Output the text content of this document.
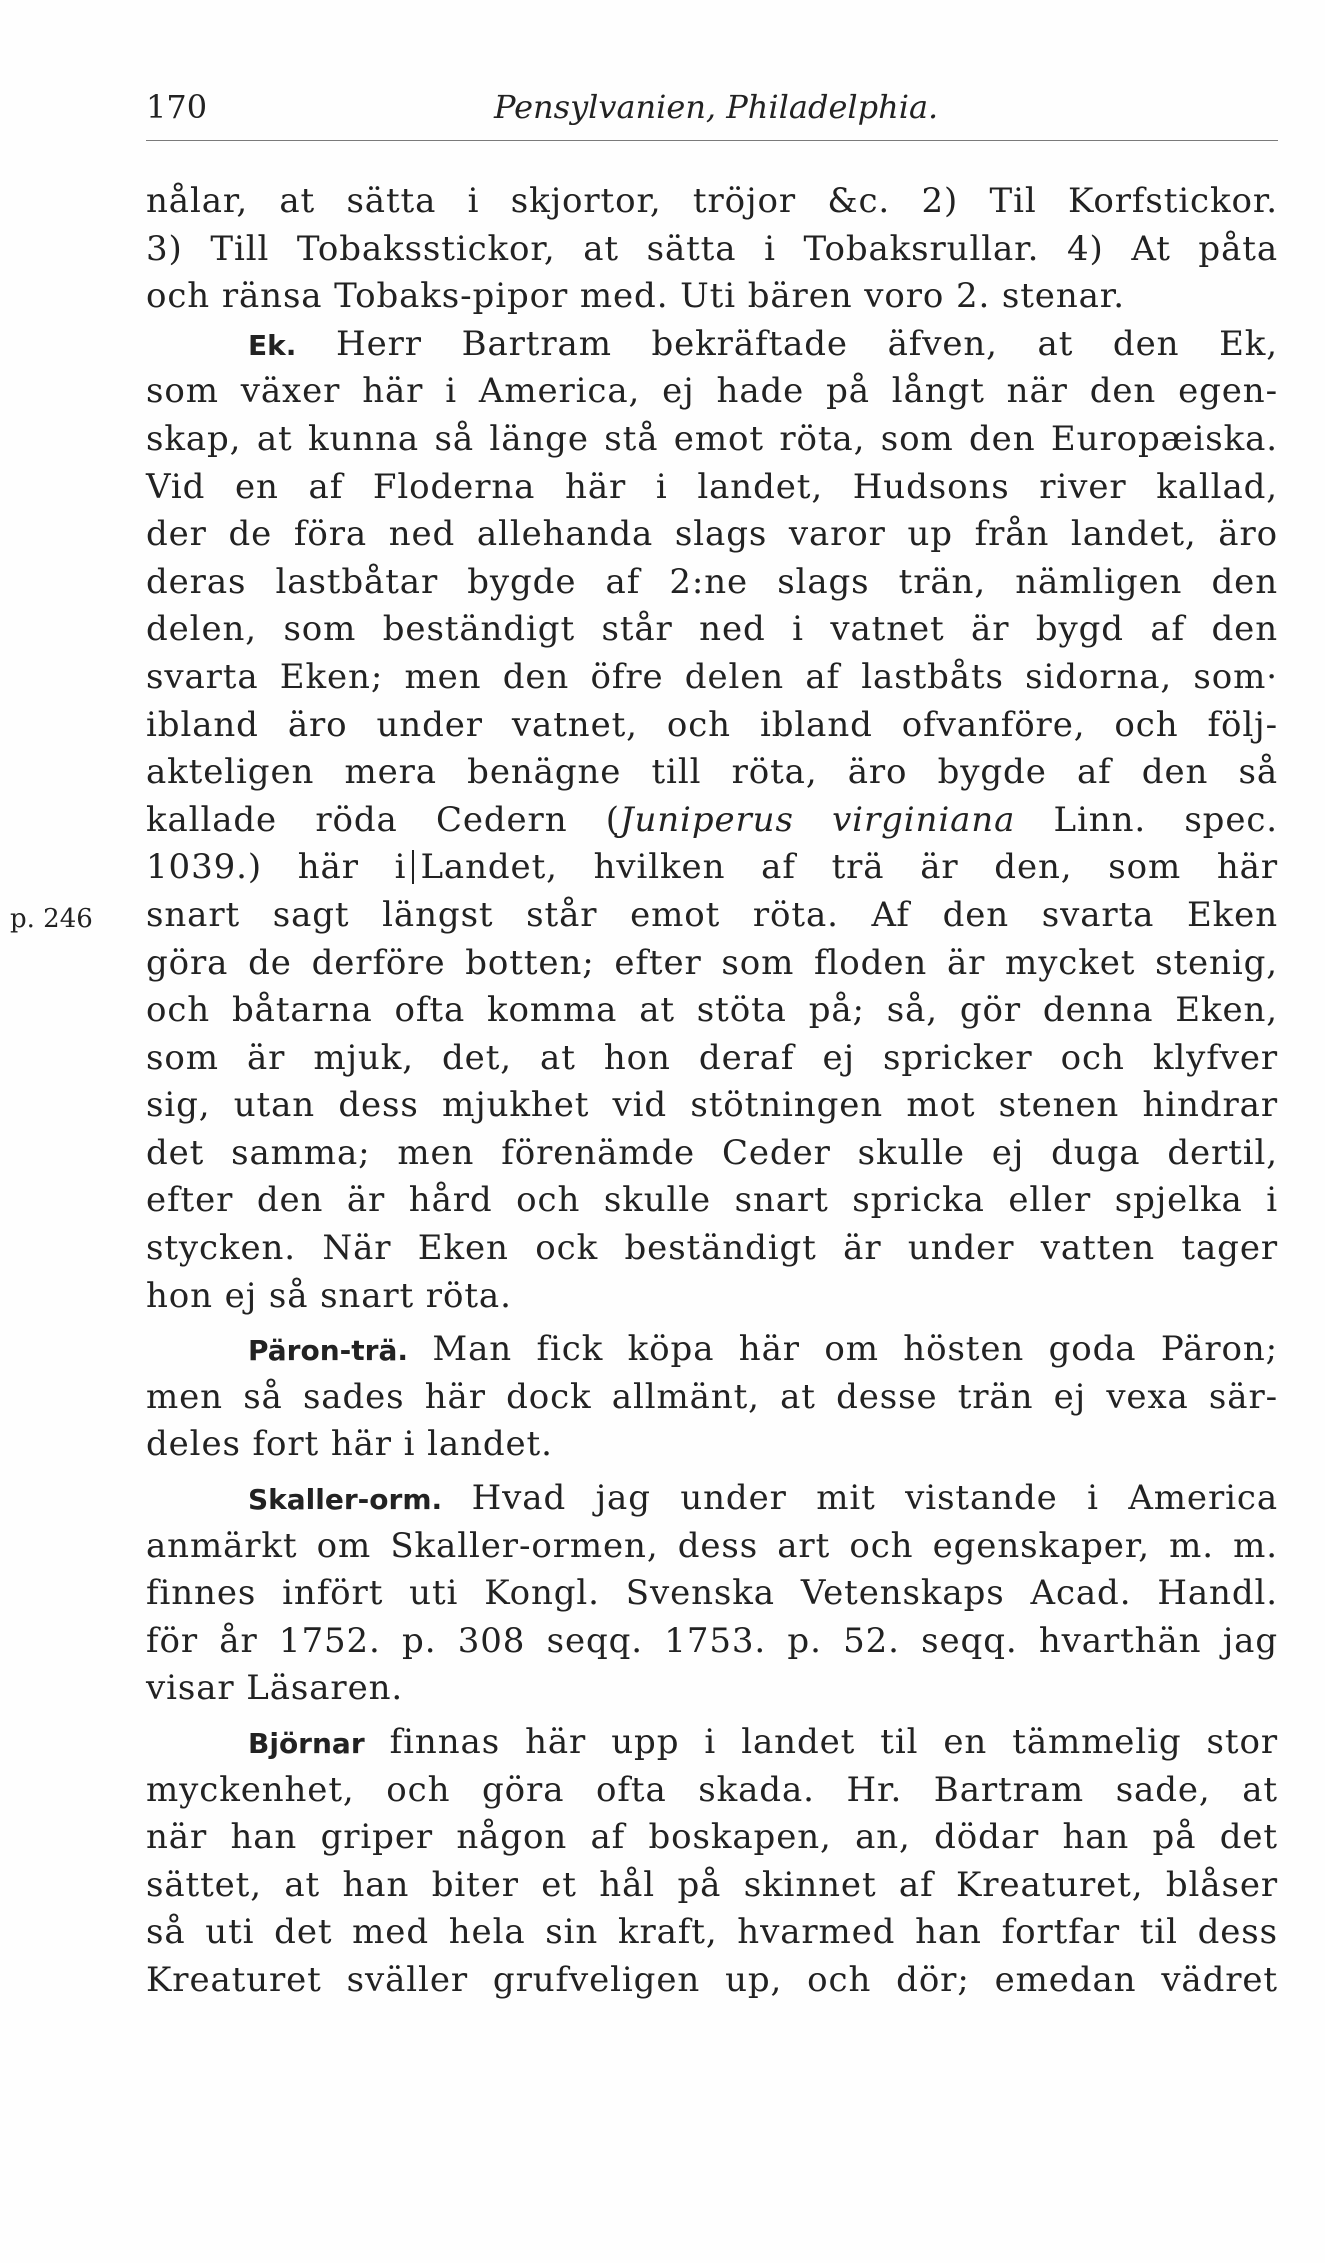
170	Pensylvanien, Philadelphia.
p. 246
nålar, at sätta i skjortor, tröjor &c. 2) Til Korfstickor.
3) Till Tobaksstickor, at sätta i Tobaksrullar. 4) At påta
och ränsa Tobaks-pipor med. Uti bären voro 2. stenar.
Ek. Herr Bartram bekräftade äfven, at den Ek,
som växer här i America, ej hade på långt när den egen-
skap, at kunna så länge stå emot röta, som den Europæiska.
Vid en af Floderna här i landet, Hudsons river kallad,
der de föra ned allehanda slags varor up från landet, äro
deras lastbåtar bygde af 2:ne slags trän, nämligen den
delen, som beständigt står ned i vatnet är bygd af den
svarta Eken; men den öfre delen af lastbåts sidorna, som·
ibland äro under vatnet, och ibland ofvanföre, och följ-
akteligen mera benägne till röta, äro bygde af den så
kallade röda Cedern (Juniperus virginiana Linn. spec.
1039.) här i Landet, hvilken af trä är den, som här
snart sagt längst står emot röta. Af den svarta Eken
göra de derföre botten; efter som floden är mycket stenig,
och båtarna ofta komma at stöta på; så, gör denna Eken,
som är mjuk, det, at hon deraf ej spricker och klyfver
sig, utan dess mjukhet vid stötningen mot stenen hindrar
det samma; men förenämde Ceder skulle ej duga dertil,
efter den är hård och skulle snart spricka eller spjelka i
stycken. När Eken ock beständigt är under vatten tager
hon ej så snart röta.
Päron-trä. Man fick köpa här om hösten goda Päron;
men så sades här dock allmänt, at desse trän ej vexa sär-
deles fort här i landet.
Skaller-orm. Hvad jag under mit vistande i America
anmärkt om Skaller-ormen, dess art och egenskaper, m. m.
finnes infört uti Kongl. Svenska Vetenskaps Acad. Handl.
för år 1752. p. 308 seqq. 1753. p. 52. seqq. hvarthän jag
visar Läsaren.
Björnar finnas här upp i landet til en tämmelig stor
myckenhet, och göra ofta skada. Hr. Bartram sade, at
när han griper någon af boskapen, an, dödar han på det
sättet, at han biter et hål på skinnet af Kreaturet, blåser
så uti det med hela sin kraft, hvarmed han fortfar til dess
Kreaturet sväller grufveligen up, och dör; emedan vädret
